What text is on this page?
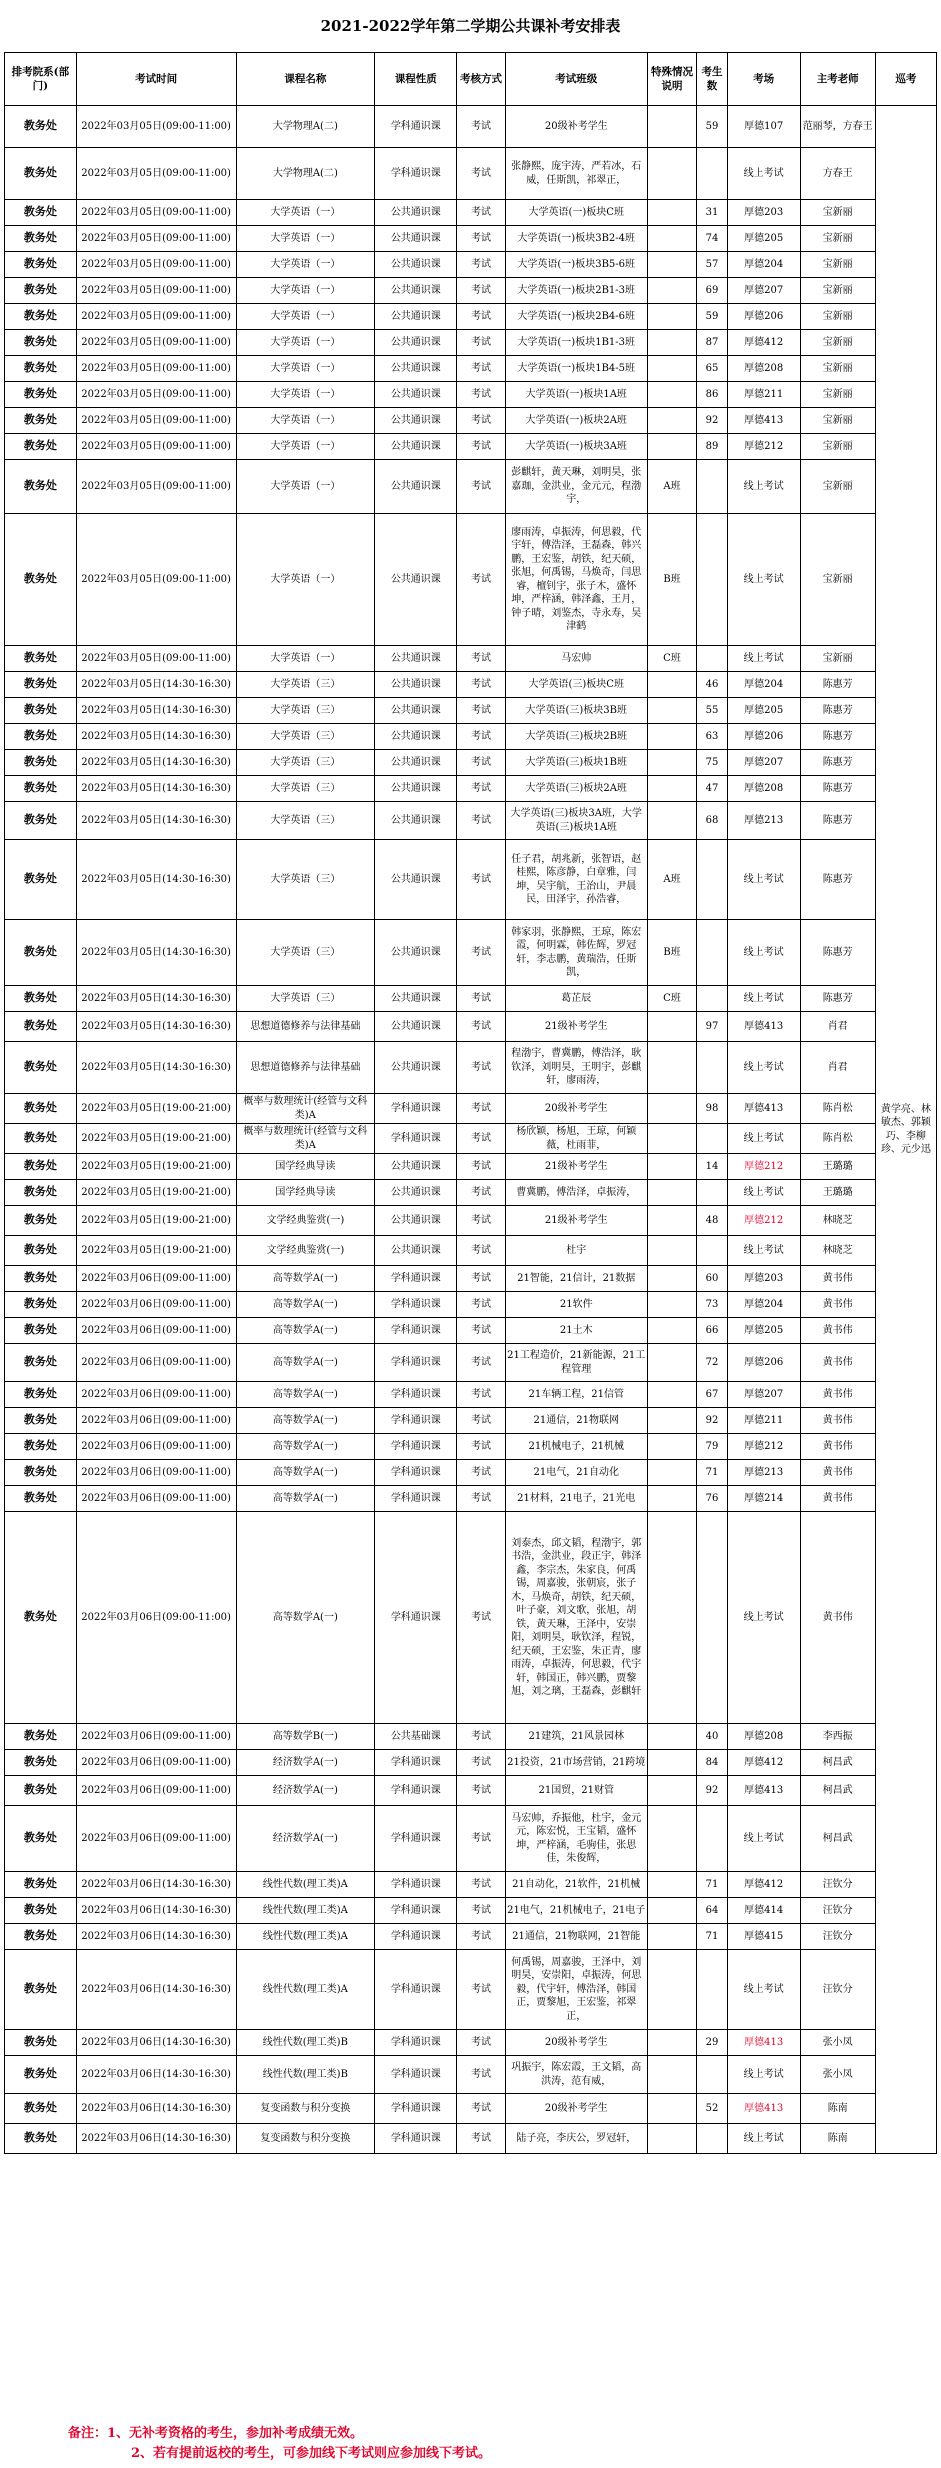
2021-2022学年第二学期公共课补考安排表
排考院系(部门)	考试时间	课程名称	课程性质	考核方式	考试班级	特殊情况说明	考生数	考场	主考老师	巡考
教务处	2022年03月05日(09:00-11:00)	大学物理A(二)	学科通识课	考试	20级补考学生		59	厚德107	范丽琴，方春王	黄学亮、林敏杰、郭颖巧、李柳珍、元少迅
教务处	2022年03月05日(09:00-11:00)	大学物理A(二)	学科通识课	考试	张静熙，庞宇涛，严若冰，石威，任斯凯，祁翠正，			线上考试	方春王	
教务处	2022年03月05日(09:00-11:00)	大学英语（一）	公共通识课	考试	大学英语(一)板块C班		31	厚德203	宝新丽	
教务处	2022年03月05日(09:00-11:00)	大学英语（一）	公共通识课	考试	大学英语(一)板块3B2-4班		74	厚德205	宝新丽	
教务处	2022年03月05日(09:00-11:00)	大学英语（一）	公共通识课	考试	大学英语(一)板块3B5-6班		57	厚德204	宝新丽	
教务处	2022年03月05日(09:00-11:00)	大学英语（一）	公共通识课	考试	大学英语(一)板块2B1-3班		69	厚德207	宝新丽	
教务处	2022年03月05日(09:00-11:00)	大学英语（一）	公共通识课	考试	大学英语(一)板块2B4-6班		59	厚德206	宝新丽	
教务处	2022年03月05日(09:00-11:00)	大学英语（一）	公共通识课	考试	大学英语(一)板块1B1-3班		87	厚德412	宝新丽	
教务处	2022年03月05日(09:00-11:00)	大学英语（一）	公共通识课	考试	大学英语(一)板块1B4-5班		65	厚德208	宝新丽	
教务处	2022年03月05日(09:00-11:00)	大学英语（一）	公共通识课	考试	大学英语(一)板块1A班		86	厚德211	宝新丽	
教务处	2022年03月05日(09:00-11:00)	大学英语（一）	公共通识课	考试	大学英语(一)板块2A班		92	厚德413	宝新丽	
教务处	2022年03月05日(09:00-11:00)	大学英语（一）	公共通识课	考试	大学英语(一)板块3A班		89	厚德212	宝新丽	
教务处	2022年03月05日(09:00-11:00)	大学英语（一）	公共通识课	考试	彭麒轩，黄天琳，刘明昊，张嘉珈，金洪业，金元元，程渤宇，	A班		线上考试	宝新丽	
教务处	2022年03月05日(09:00-11:00)	大学英语（一）	公共通识课	考试	廖雨涛，卓振涛，何思毅，代宇轩，傅浩泽，王磊森，韩兴鹏，王宏鉴，胡铁，纪天硕，张旭，何禹锡，马焕奇，闫思睿，檀钊宇，张子木，盛怀坤，严梓涵，韩泽鑫，王月，钟子晴，刘鉴杰，寺永寿，吴津鹤	B班		线上考试	宝新丽	
教务处	2022年03月05日(09:00-11:00)	大学英语（一）	公共通识课	考试	马宏帅	C班		线上考试	宝新丽	
教务处	2022年03月05日(14:30-16:30)	大学英语（三）	公共通识课	考试	大学英语(三)板块C班		46	厚德204	陈惠芳	
教务处	2022年03月05日(14:30-16:30)	大学英语（三）	公共通识课	考试	大学英语(三)板块3B班		55	厚德205	陈惠芳	
教务处	2022年03月05日(14:30-16:30)	大学英语（三）	公共通识课	考试	大学英语(三)板块2B班		63	厚德206	陈惠芳	
教务处	2022年03月05日(14:30-16:30)	大学英语（三）	公共通识课	考试	大学英语(三)板块1B班		75	厚德207	陈惠芳	
教务处	2022年03月05日(14:30-16:30)	大学英语（三）	公共通识课	考试	大学英语(三)板块2A班		47	厚德208	陈惠芳	
教务处	2022年03月05日(14:30-16:30)	大学英语（三）	公共通识课	考试	大学英语(三)板块3A班，大学英语(三)板块1A班		68	厚德213	陈惠芳	
教务处	2022年03月05日(14:30-16:30)	大学英语（三）	公共通识课	考试	任子君，胡兆新，张智语，赵桂熙，陈彦静，白章雅，闫坤，吴宇航，王治山，尹晨民，田泽宇，孙浩睿，	A班		线上考试	陈惠芳	
教务处	2022年03月05日(14:30-16:30)	大学英语（三）	公共通识课	考试	韩家羽，张静熙，王琼，陈宏霞，何明霖，韩佐辉，罗冠轩，李志鹏，黄瑞浩，任斯凯，	B班		线上考试	陈惠芳	
教务处	2022年03月05日(14:30-16:30)	大学英语（三）	公共通识课	考试	葛芷辰	C班		线上考试	陈惠芳	
教务处	2022年03月05日(14:30-16:30)	思想道德修养与法律基础	公共通识课	考试	21级补考学生		97	厚德413	肖君	
教务处	2022年03月05日(14:30-16:30)	思想道德修养与法律基础	公共通识课	考试	程渤宇，曹冀鹏，傅浩泽，耿钦泽，刘明昊，王明宇，彭麒轩，廖雨涛，			线上考试	肖君	
教务处	2022年03月05日(19:00-21:00)	概率与数理统计(经管与文科类)A	学科通识课	考试	20级补考学生		98	厚德413	陈肖松	
教务处	2022年03月05日(19:00-21:00)	概率与数理统计(经管与文科类)A	学科通识课	考试	杨欣颖，杨旭，王琼，何颖薇，杜雨菲，			线上考试	陈肖松	
教务处	2022年03月05日(19:00-21:00)	国学经典导读	公共通识课	考试	21级补考学生		14	厚德212	王璐璐	
教务处	2022年03月05日(19:00-21:00)	国学经典导读	公共通识课	考试	曹冀鹏，傅浩泽，卓振涛，			线上考试	王璐璐	
教务处	2022年03月05日(19:00-21:00)	文学经典鉴赏(一)	公共通识课	考试	21级补考学生		48	厚德212	林晓芝	
教务处	2022年03月05日(19:00-21:00)	文学经典鉴赏(一)	公共通识课	考试	杜宇			线上考试	林晓芝	
教务处	2022年03月06日(09:00-11:00)	高等数学A(一)	学科通识课	考试	21智能，21信计，21数据		60	厚德203	黄书伟	
教务处	2022年03月06日(09:00-11:00)	高等数学A(一)	学科通识课	考试	21软件		73	厚德204	黄书伟	
教务处	2022年03月06日(09:00-11:00)	高等数学A(一)	学科通识课	考试	21土木		66	厚德205	黄书伟	
教务处	2022年03月06日(09:00-11:00)	高等数学A(一)	学科通识课	考试	21工程造价，21新能源，21工程管理		72	厚德206	黄书伟	
教务处	2022年03月06日(09:00-11:00)	高等数学A(一)	学科通识课	考试	21车辆工程，21信管		67	厚德207	黄书伟	
教务处	2022年03月06日(09:00-11:00)	高等数学A(一)	学科通识课	考试	21通信，21物联网		92	厚德211	黄书伟	
教务处	2022年03月06日(09:00-11:00)	高等数学A(一)	学科通识课	考试	21机械电子，21机械		79	厚德212	黄书伟	
教务处	2022年03月06日(09:00-11:00)	高等数学A(一)	学科通识课	考试	21电气，21自动化		71	厚德213	黄书伟	
教务处	2022年03月06日(09:00-11:00)	高等数学A(一)	学科通识课	考试	21材料，21电子，21光电		76	厚德214	黄书伟	
教务处	2022年03月06日(09:00-11:00)	高等数学A(一)	学科通识课	考试	刘泰杰，邱文韬，程渤宇，郭书浩，金洪业，段正宇，韩泽鑫，李宗杰，朱家良，何禹锡，周嘉骏，张朝宸，张子木，马焕奇，胡铁，纪天硕，叶子豪，刘文歌，张旭，胡铁，黄天琳，王泽中，安崇阳，刘明昊，耿钦泽，程锐，纪天硕，王宏鉴，朱正青，廖雨涛，卓振涛，何思毅，代宇轩，韩国正，韩兴鹏，贾黎旭，刘之璃，王磊森，彭麒轩			线上考试	黄书伟	
教务处	2022年03月06日(09:00-11:00)	高等数学B(一)	公共基础课	考试	21建筑，21风景园林		40	厚德208	李西振	
教务处	2022年03月06日(09:00-11:00)	经济数学A(一)	学科通识课	考试	21投资，21市场营销，21跨境		84	厚德412	柯昌武	
教务处	2022年03月06日(09:00-11:00)	经济数学A(一)	学科通识课	考试	21国贸，21财管		92	厚德413	柯昌武	
教务处	2022年03月06日(09:00-11:00)	经济数学A(一)	学科通识课	考试	马宏帅，乔振他，杜宇，金元元，陈宏悦，王宝韬，盛怀坤，严梓涵，毛驹佳，张思佳，朱俊辉，			线上考试	柯昌武	
教务处	2022年03月06日(14:30-16:30)	线性代数(理工类)A	学科通识课	考试	21自动化，21软件，21机械		71	厚德412	汪钦分	
教务处	2022年03月06日(14:30-16:30)	线性代数(理工类)A	学科通识课	考试	21电气，21机械电子，21电子		64	厚德414	汪钦分	
教务处	2022年03月06日(14:30-16:30)	线性代数(理工类)A	学科通识课	考试	21通信，21物联网，21智能		71	厚德415	汪钦分	
教务处	2022年03月06日(14:30-16:30)	线性代数(理工类)A	学科通识课	考试	何禹锡，周嘉骏，王泽中，刘明昊，安崇阳，卓振涛，何思毅，代宇轩，傅浩泽，韩国正，贾黎旭，王宏鉴，祁翠正，			线上考试	汪钦分	
教务处	2022年03月06日(14:30-16:30)	线性代数(理工类)B	学科通识课	考试	20级补考学生		29	厚德413	张小凤	
教务处	2022年03月06日(14:30-16:30)	线性代数(理工类)B	学科通识课	考试	巩振宇，陈宏霞，王文韬，高洪涛，范有威，			线上考试	张小凤	
教务处	2022年03月06日(14:30-16:30)	复变函数与积分变换	学科通识课	考试	20级补考学生		52	厚德413	陈南	
教务处	2022年03月06日(14:30-16:30)	复变函数与积分变换	学科通识课	考试	陆子亮，李庆公，罗冠轩，			线上考试	陈南	
备注：1、无补考资格的考生，参加补考成绩无效。
2、若有提前返校的考生，可参加线下考试则应参加线下考试。
